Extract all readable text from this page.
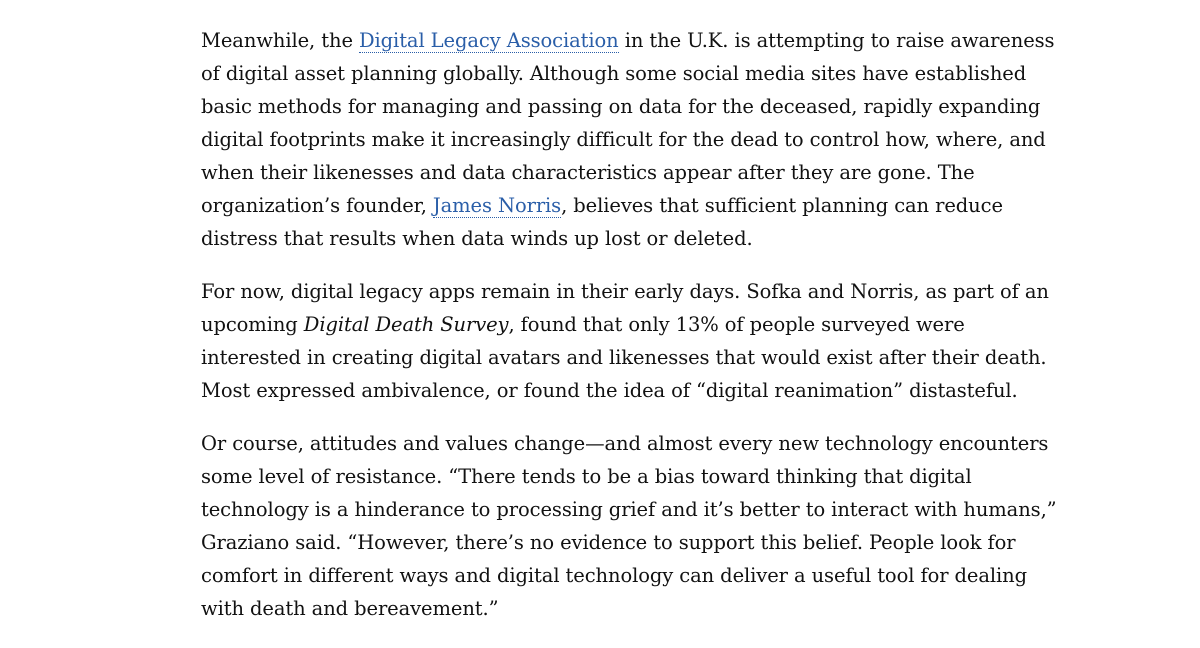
Meanwhile, the Digital Legacy Association in the U.K. is attempting to raise awareness
of digital asset planning globally. Although some social media sites have established
basic methods for managing and passing on data for the deceased, rapidly expanding
digital footprints make it increasingly difficult for the dead to control how, where, and
when their likenesses and data characteristics appear after they are gone. The
organization’s founder, James Norris, believes that sufficient planning can reduce
distress that results when data winds up lost or deleted.

For now, digital legacy apps remain in their early days. Sofka and Norris, as part of an
upcoming Digital Death Survey, found that only 13% of people surveyed were
interested in creating digital avatars and likenesses that would exist after their death.
Most expressed ambivalence, or found the idea of “digital reanimation” distasteful.

Or course, attitudes and values change—and almost every new technology encounters
some level of resistance. “There tends to be a bias toward thinking that digital
technology is a hinderance to processing grief and it’s better to interact with humans,”
Graziano said. “However, there’s no evidence to support this belief. People look for
comfort in different ways and digital technology can deliver a useful tool for dealing
with death and bereavement.”
